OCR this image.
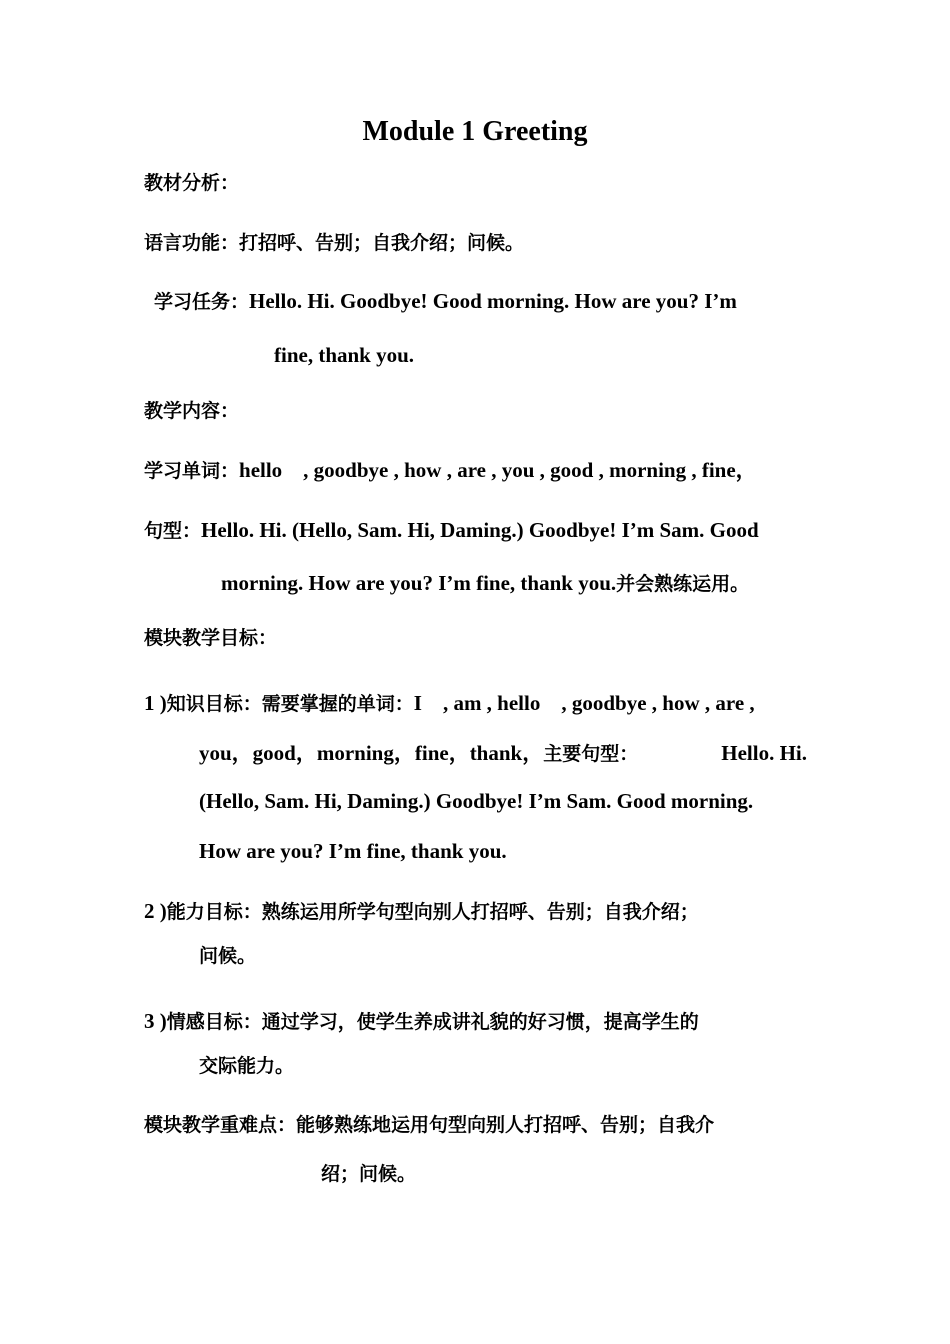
Module 1 Greeting
教材分析：
语言功能：打招呼、告别；自我介绍；问候。
学习任务：Hello. Hi. Goodbye! Good morning. How are you? I’m
fine, thank you.
教学内容：
学习单词：hello　, goodbye , how , are , you , good , morning , fine，
句型：Hello. Hi. (Hello, Sam. Hi, Daming.) Goodbye! I’m Sam. Good
morning. How are you? I’m fine, thank you.并会熟练运用。
模块教学目标：
1 )知识目标：需要掌握的单词：I　, am , hello　, goodbye , how , are ,
you，good，morning，fine，thank，主要句型：	Hello. Hi.
(Hello, Sam. Hi, Daming.) Goodbye! I’m Sam. Good morning.
How are you? I’m fine, thank you.
2 )能力目标：熟练运用所学句型向别人打招呼、告别；自我介绍；
问候。
3 )情感目标：通过学习，使学生养成讲礼貌的好习惯，提高学生的
交际能力。
模块教学重难点：能够熟练地运用句型向别人打招呼、告别；自我介
绍；问候。
